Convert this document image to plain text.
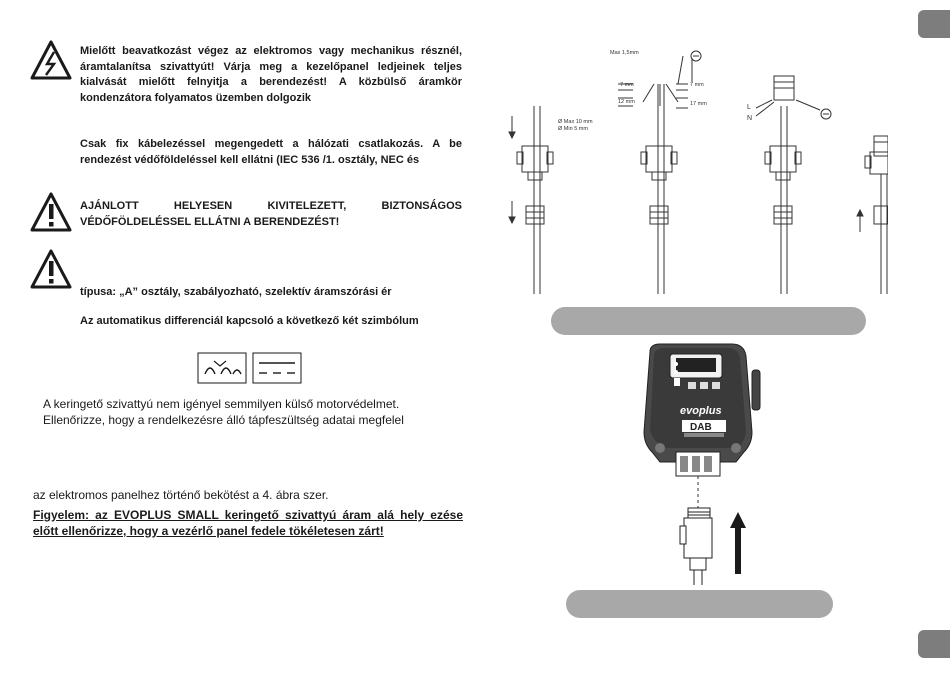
Mielőtt beavatkozást végez az elektromos vagy mechanikus résznél, áramtalanítsa szivattyút! Várja meg a kezelőpanel ledjeinek teljes kialvását mielőtt felnyitja a berendezést! A közbülső áramkör kondenzátora folyamatos üzemben dolgozik
Csak fix kábelezéssel megengedett a hálózati csatlakozás. A be rendezést védőföldeléssel kell ellátni (IEC 536 /1. osztály, NEC és
AJÁNLOTT HELYESEN KIVITELEZETT, BIZTONSÁGOS VÉDŐFÖLDELÉSSEL ELLÁTNI A BERENDEZÉST!
típusa: „A” osztály, szabályozható, szelektív áramszórási ér
Az automatikus differenciál kapcsoló a következő két szimbólum
A keringető szivattyú nem igényel semmilyen külső motorvédelmet.
Ellenőrizze, hogy a rendelkezésre álló tápfeszültség adatai megfelel
az elektromos panelhez történő bekötést a 4. ábra szer.
Figyelem: az EVOPLUS SMALL keringető szivattyú áram alá hely ezése előtt ellenőrizze, hogy a vezérlő panel fedele tökéletesen zárt!
Max 1,5mm
7 mm	7 mm
12 mm	17 mm
Ø Max 10 mm
Ø Min 5 mm
L
N
evoplus
DAB
